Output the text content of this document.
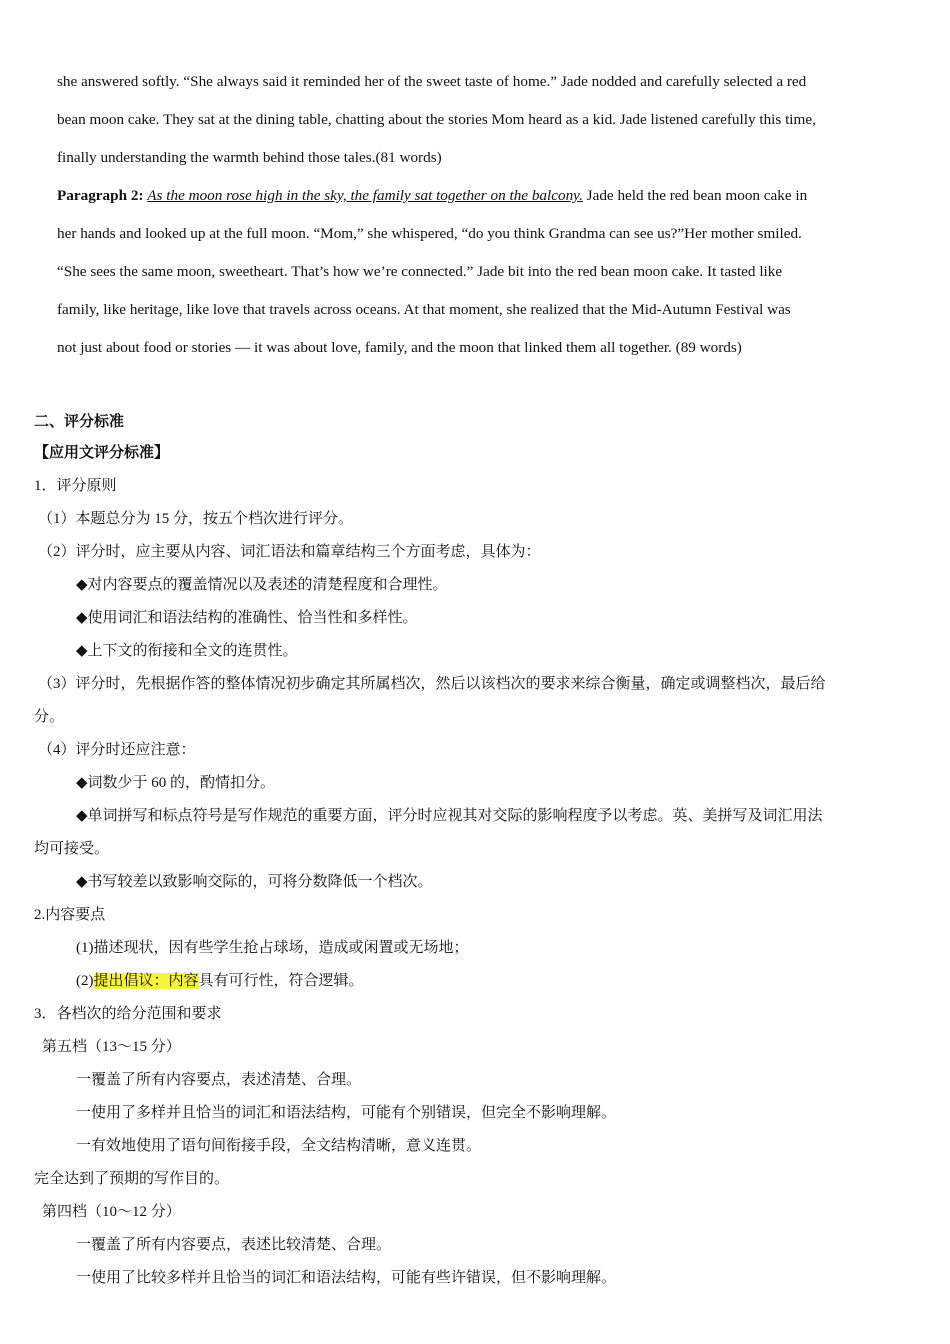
she answered softly. “She always said it reminded her of the sweet taste of home.” Jade nodded and carefully selected a red
bean moon cake. They sat at the dining table, chatting about the stories Mom heard as a kid. Jade listened carefully this time,
finally understanding the warmth behind those tales.(81 words)
Paragraph 2: As the moon rose high in the sky, the family sat together on the balcony. Jade held the red bean moon cake in
her hands and looked up at the full moon. “Mom,” she whispered, “do you think Grandma can see us?”Her mother smiled.
“She sees the same moon, sweetheart. That’s how we’re connected.” Jade bit into the red bean moon cake. It tasted like
family, like heritage, like love that travels across oceans. At that moment, she realized that the Mid-Autumn Festival was
not just about food or stories — it was about love, family, and the moon that linked them all together. (89 words)
二、评分标准
【应用文评分标准】
1．评分原则
（1）本题总分为 15 分，按五个档次进行评分。
（2）评分时，应主要从内容、词汇语法和篇章结构三个方面考虑，具体为：
◆对内容要点的覆盖情况以及表述的清楚程度和合理性。
◆使用词汇和语法结构的准确性、恰当性和多样性。
◆上下文的衔接和全文的连贯性。
（3）评分时，先根据作答的整体情况初步确定其所属档次，然后以该档次的要求来综合衡量，确定或调整档次，最后给
分。
（4）评分时还应注意：
◆词数少于 60 的，酌情扣分。
◆单词拼写和标点符号是写作规范的重要方面，评分时应视其对交际的影响程度予以考虑。英、美拼写及词汇用法
均可接受。
◆书写较差以致影响交际的，可将分数降低一个档次。
2.内容要点
(1)描述现状，因有些学生抢占球场，造成或闲置或无场地；
(2)提出倡议：内容具有可行性，符合逻辑。
3．各档次的给分范围和要求
第五档（13～15 分）
一覆盖了所有内容要点，表述清楚、合理。
一使用了多样并且恰当的词汇和语法结构，可能有个别错误，但完全不影响理解。
一有效地使用了语句间衔接手段，全文结构清晰，意义连贯。
完全达到了预期的写作目的。
第四档（10～12 分）
一覆盖了所有内容要点，表述比较清楚、合理。
一使用了比较多样并且恰当的词汇和语法结构，可能有些许错误，但不影响理解。
